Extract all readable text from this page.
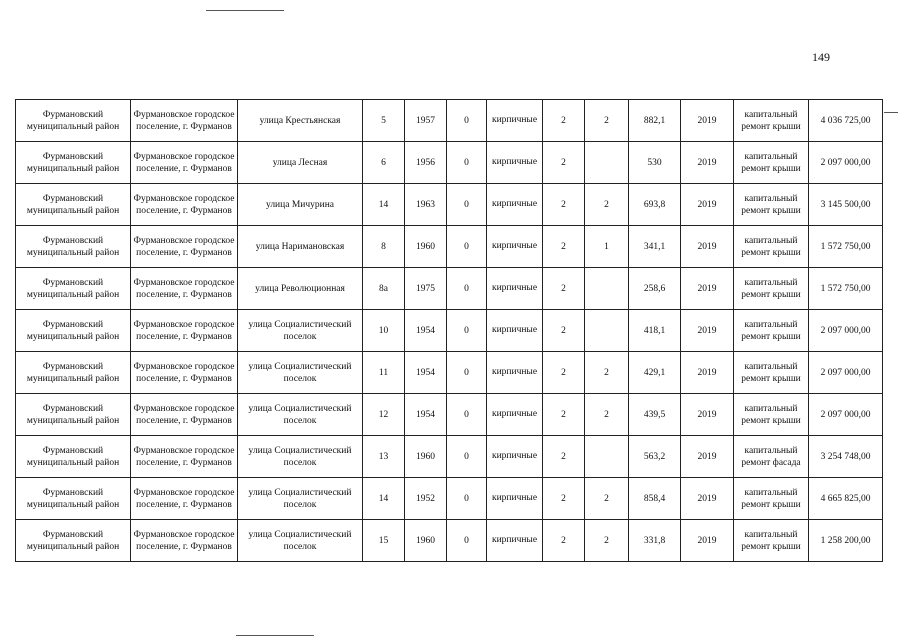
149
Фурмановский муниципальный район	Фурмановское городское поселение, г. Фурманов	улица Крестьянская	5	1957	0	кирпичные	2	2	882,1	2019	капитальный ремонт крыши	4 036 725,00
Фурмановский муниципальный район	Фурмановское городское поселение, г. Фурманов	улица Лесная	6	1956	0	кирпичные	2		530	2019	капитальный ремонт крыши	2 097 000,00
Фурмановский муниципальный район	Фурмановское городское поселение, г. Фурманов	улица Мичурина	14	1963	0	кирпичные	2	2	693,8	2019	капитальный ремонт крыши	3 145 500,00
Фурмановский муниципальный район	Фурмановское городское поселение, г. Фурманов	улица Наримановская	8	1960	0	кирпичные	2	1	341,1	2019	капитальный ремонт крыши	1 572 750,00
Фурмановский муниципальный район	Фурмановское городское поселение, г. Фурманов	улица Революционная	8а	1975	0	кирпичные	2		258,6	2019	капитальный ремонт крыши	1 572 750,00
Фурмановский муниципальный район	Фурмановское городское поселение, г. Фурманов	улица Социалистический поселок	10	1954	0	кирпичные	2		418,1	2019	капитальный ремонт крыши	2 097 000,00
Фурмановский муниципальный район	Фурмановское городское поселение, г. Фурманов	улица Социалистический поселок	11	1954	0	кирпичные	2	2	429,1	2019	капитальный ремонт крыши	2 097 000,00
Фурмановский муниципальный район	Фурмановское городское поселение, г. Фурманов	улица Социалистический поселок	12	1954	0	кирпичные	2	2	439,5	2019	капитальный ремонт крыши	2 097 000,00
Фурмановский муниципальный район	Фурмановское городское поселение, г. Фурманов	улица Социалистический поселок	13	1960	0	кирпичные	2		563,2	2019	капитальный ремонт фасада	3 254 748,00
Фурмановский муниципальный район	Фурмановское городское поселение, г. Фурманов	улица Социалистический поселок	14	1952	0	кирпичные	2	2	858,4	2019	капитальный ремонт крыши	4 665 825,00
Фурмановский муниципальный район	Фурмановское городское поселение, г. Фурманов	улица Социалистический поселок	15	1960	0	кирпичные	2	2	331,8	2019	капитальный ремонт крыши	1 258 200,00
